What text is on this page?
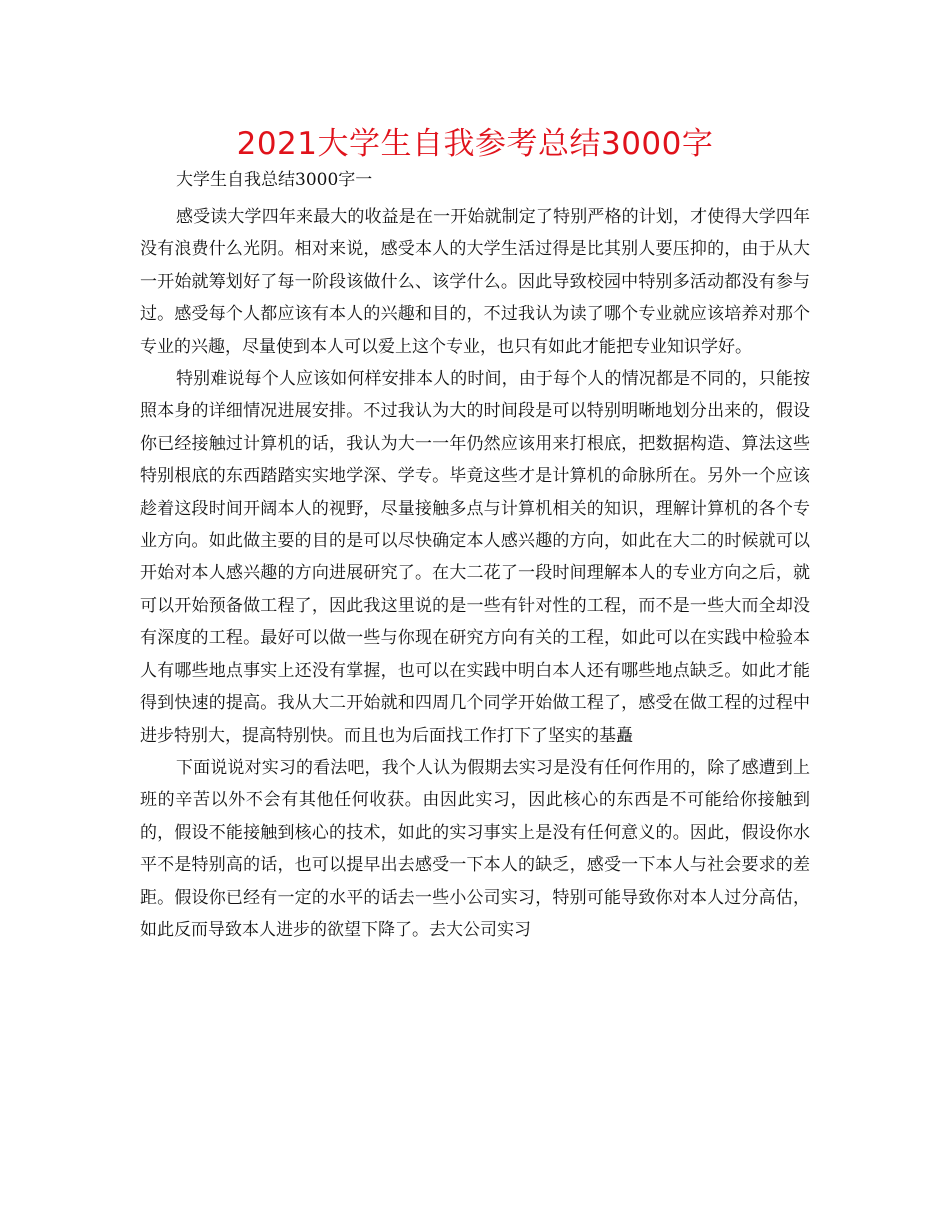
2021大学生自我参考总结3000字

大学生自我总结3000字一

感受读大学四年来最大的收益是在一开始就制定了特别严格的计划，才使得大学四年没有浪费什么光阴。相对来说，感受本人的大学生活过得是比其别人要压抑的，由于从大一开始就筹划好了每一阶段该做什么、该学什么。因此导致校园中特别多活动都没有参与过。感受每个人都应该有本人的兴趣和目的，不过我认为读了哪个专业就应该培养对那个专业的兴趣，尽量使到本人可以爱上这个专业，也只有如此才能把专业知识学好。

特别难说每个人应该如何样安排本人的时间，由于每个人的情况都是不同的，只能按照本身的详细情况进展安排。不过我认为大的时间段是可以特别明晰地划分出来的，假设你已经接触过计算机的话，我认为大一一年仍然应该用来打根底，把数据构造、算法这些特别根底的东西踏踏实实地学深、学专。毕竟这些才是计算机的命脉所在。另外一个应该趁着这段时间开阔本人的视野，尽量接触多点与计算机相关的知识，理解计算机的各个专业方向。如此做主要的目的是可以尽快确定本人感兴趣的方向，如此在大二的时候就可以开始对本人感兴趣的方向进展研究了。在大二花了一段时间理解本人的专业方向之后，就可以开始预备做工程了，因此我这里说的是一些有针对性的工程，而不是一些大而全却没有深度的工程。最好可以做一些与你现在研究方向有关的工程，如此可以在实践中检验本人有哪些地点事实上还没有掌握，也可以在实践中明白本人还有哪些地点缺乏。如此才能得到快速的提高。我从大二开始就和四周几个同学开始做工程了，感受在做工程的过程中进步特别大，提高特别快。而且也为后面找工作打下了坚实的基矗

下面说说对实习的看法吧，我个人认为假期去实习是没有任何作用的，除了感遭到上班的辛苦以外不会有其他任何收获。由因此实习，因此核心的东西是不可能给你接触到的，假设不能接触到核心的技术，如此的实习事实上是没有任何意义的。因此，假设你水平不是特别高的话，也可以提早出去感受一下本人的缺乏，感受一下本人与社会要求的差距。假设你已经有一定的水平的话去一些小公司实习，特别可能导致你对本人过分高估，如此反而导致本人进步的欲望下降了。去大公司实习
